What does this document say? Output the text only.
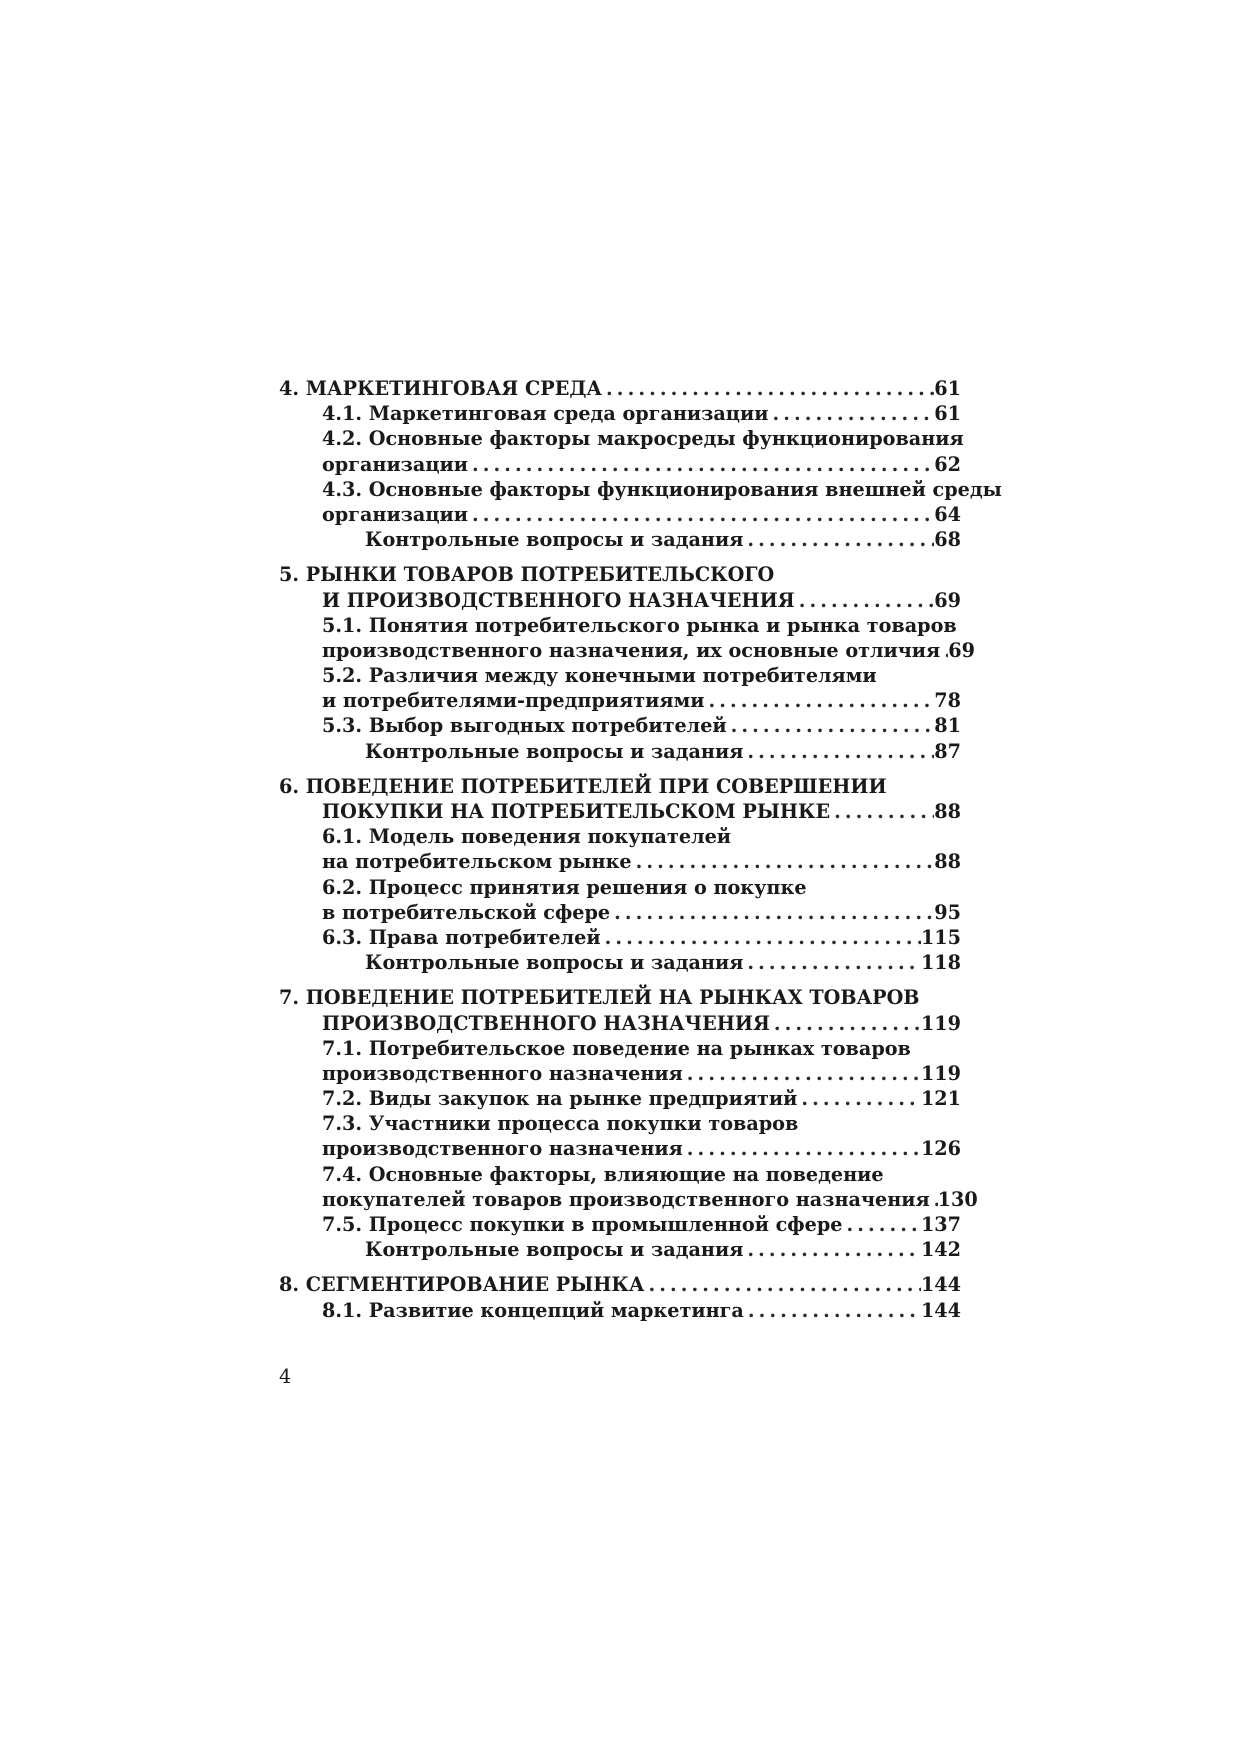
4. МАРКЕТИНГОВАЯ СРЕДА . . .	61
4.1. Маркетинговая среда организации . . .	61
4.2. Основные факторы макросреды функционирования
организации . . .	62
4.3. Основные факторы функционирования внешней среды
организации . . .	64
Контрольные вопросы и задания . . .	68
5. РЫНКИ ТОВАРОВ ПОТРЕБИТЕЛЬСКОГО
И ПРОИЗВОДСТВЕННОГО НАЗНАЧЕНИЯ . . .	69
5.1. Понятия потребительского рынка и рынка товаров
производственного назначения, их основные отличия . . . 69
5.2. Различия между конечными потребителями
и потребителями-предприятиями . . .	78
5.3. Выбор выгодных потребителей . . .	81
Контрольные вопросы и задания . . .	87
6. ПОВЕДЕНИЕ ПОТРЕБИТЕЛЕЙ ПРИ СОВЕРШЕНИИ
ПОКУПКИ НА ПОТРЕБИТЕЛЬСКОМ РЫНКЕ . . .	88
6.1. Модель поведения покупателей
на потребительском рынке . . .	88
6.2. Процесс принятия решения о покупке
в потребительской сфере . . .	95
6.3. Права потребителей . . .	115
Контрольные вопросы и задания . . .	118
7. ПОВЕДЕНИЕ ПОТРЕБИТЕЛЕЙ НА РЫНКАХ ТОВАРОВ
ПРОИЗВОДСТВЕННОГО НАЗНАЧЕНИЯ . . .	119
7.1. Потребительское поведение на рынках товаров
производственного назначения . . .	119
7.2. Виды закупок на рынке предприятий . . .	121
7.3. Участники процесса покупки товаров
производственного назначения . . .	126
7.4. Основные факторы, влияющие на поведение
покупателей товаров производственного назначения . . . 130
7.5. Процесс покупки в промышленной сфере . . .	137
Контрольные вопросы и задания . . .	142
8. СЕГМЕНТИРОВАНИЕ РЫНКА . . .	144
8.1. Развитие концепций маркетинга . . .	144
4
